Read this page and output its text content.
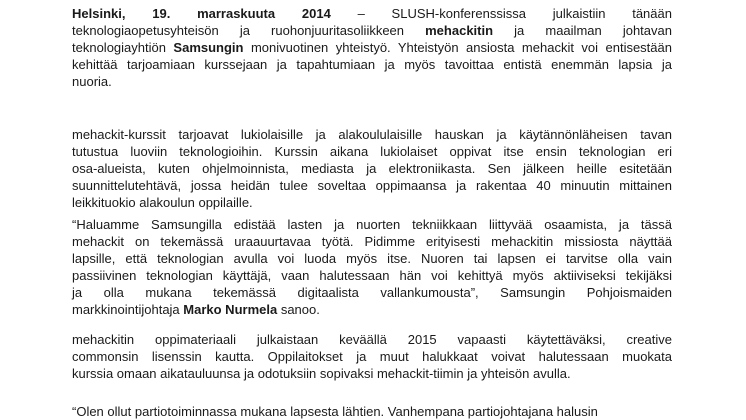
Helsinki, 19. marraskuuta 2014 – SLUSH-konferenssissa julkaistiin tänään
teknologiaopetusyhteisön ja ruohonjuuritasoliikkeen mehackitin ja maailman johtavan
teknologiayhtiön Samsungin monivuotinen yhteistyö. Yhteistyön ansiosta mehackit voi entisestään
kehittää tarjoamiaan kurssejaan ja tapahtumiaan ja myös tavoittaa entistä enemmän lapsia ja
nuoria.
mehackit-kurssit tarjoavat lukiolaisille ja alakoululaisille hauskan ja käytännönläheisen tavan
tutustua luoviin teknologioihin. Kurssin aikana lukiolaiset oppivat itse ensin teknologian eri
osa-alueista, kuten ohjelmoinnista, mediasta ja elektroniikasta. Sen jälkeen heille esitetään
suunnittelutehtävä, jossa heidän tulee soveltaa oppimaansa ja rakentaa 40 minuutin mittainen
leikkituokio alakoulun oppilaille.
“Haluamme Samsungilla edistää lasten ja nuorten tekniikkaan liittyvää osaamista, ja tässä
mehackit on tekemässä uraauurtavaa työtä. Pidimme erityisesti mehackitin missiosta näyttää
lapsille, että teknologian avulla voi luoda myös itse. Nuoren tai lapsen ei tarvitse olla vain
passiivinen teknologian käyttäjä, vaan halutessaan hän voi kehittyä myös aktiiviseksi tekijäksi
ja olla mukana tekemässä digitaalista vallankumousta”, Samsungin Pohjoismaiden
markkinointijohtaja Marko Nurmela sanoo.
mehackitin oppimateriaali julkaistaan keväällä 2015 vapaasti käytettäväksi, creative
commonsin lisenssin kautta. Oppilaitokset ja muut halukkaat voivat halutessaan muokata
kurssia omaan aikatauluunsa ja odotuksiin sopivaksi mehackit-tiimin ja yhteisön avulla.
“Olen ollut partiotoiminnassa mukana lapsesta lähtien. Vanhempana partiojohtajana halusin
